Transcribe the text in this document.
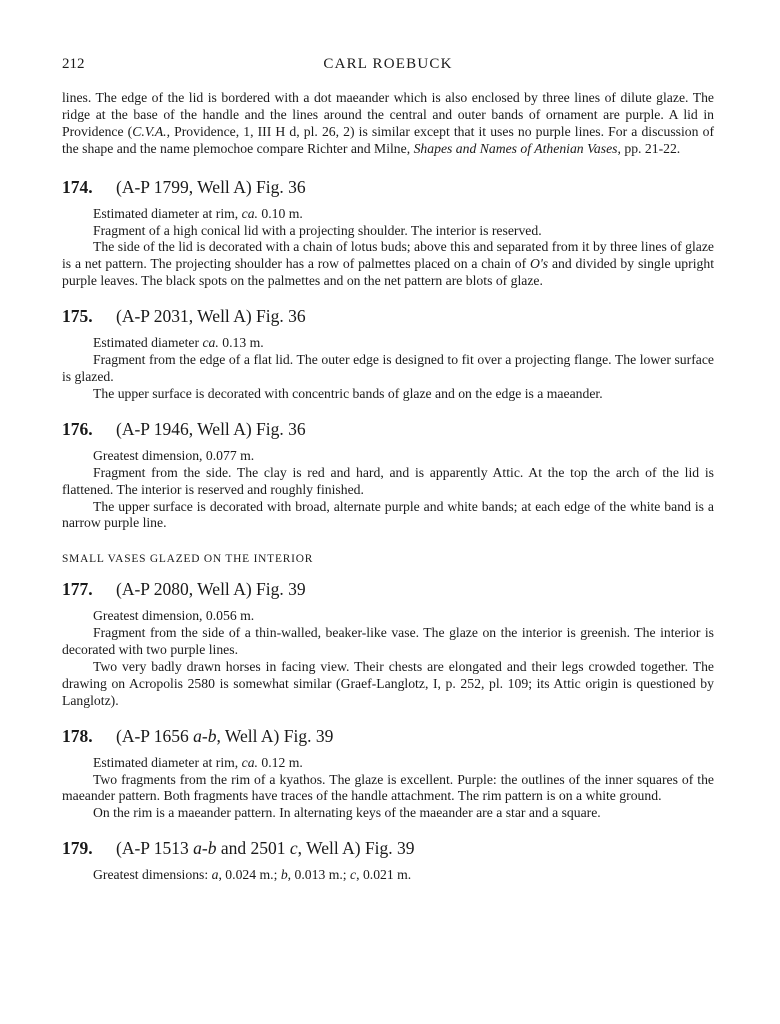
212	CARL ROEBUCK

lines. The edge of the lid is bordered with a dot maeander which is also enclosed by three lines of dilute glaze. The ridge at the base of the handle and the lines around the central and outer bands of ornament are purple. A lid in Providence (C.V.A., Providence, 1, III H d, pl. 26, 2) is similar except that it uses no purple lines. For a discussion of the shape and the name plemochoe compare Richter and Milne, Shapes and Names of Athenian Vases, pp. 21-22.

174. (A-P 1799, Well A) Fig. 36

Estimated diameter at rim, ca. 0.10 m.

Fragment of a high conical lid with a projecting shoulder. The interior is reserved.

The side of the lid is decorated with a chain of lotus buds; above this and separated from it by three lines of glaze is a net pattern. The projecting shoulder has a row of palmettes placed on a chain of O's and divided by single upright purple leaves. The black spots on the palmettes and on the net pattern are blots of glaze.

175. (A-P 2031, Well A) Fig. 36

Estimated diameter ca. 0.13 m.

Fragment from the edge of a flat lid. The outer edge is designed to fit over a projecting flange. The lower surface is glazed.

The upper surface is decorated with concentric bands of glaze and on the edge is a maeander.

176. (A-P 1946, Well A) Fig. 36

Greatest dimension, 0.077 m.

Fragment from the side. The clay is red and hard, and is apparently Attic. At the top the arch of the lid is flattened. The interior is reserved and roughly finished.

The upper surface is decorated with broad, alternate purple and white bands; at each edge of the white band is a narrow purple line.

SMALL VASES GLAZED ON THE INTERIOR
177. (A-P 2080, Well A) Fig. 39

Greatest dimension, 0.056 m.

Fragment from the side of a thin-walled, beaker-like vase. The glaze on the interior is greenish. The interior is decorated with two purple lines.

Two very badly drawn horses in facing view. Their chests are elongated and their legs crowded together. The drawing on Acropolis 2580 is somewhat similar (Graef-Langlotz, I, p. 252, pl. 109; its Attic origin is questioned by Langlotz).

178. (A-P 1656 a-b, Well A) Fig. 39

Estimated diameter at rim, ca. 0.12 m.

Two fragments from the rim of a kyathos. The glaze is excellent. Purple: the outlines of the inner squares of the maeander pattern. Both fragments have traces of the handle attachment. The rim pattern is on a white ground.

On the rim is a maeander pattern. In alternating keys of the maeander are a star and a square.

179. (A-P 1513 a-b and 2501 c, Well A) Fig. 39

Greatest dimensions: a, 0.024 m.; b, 0.013 m.; c, 0.021 m.
